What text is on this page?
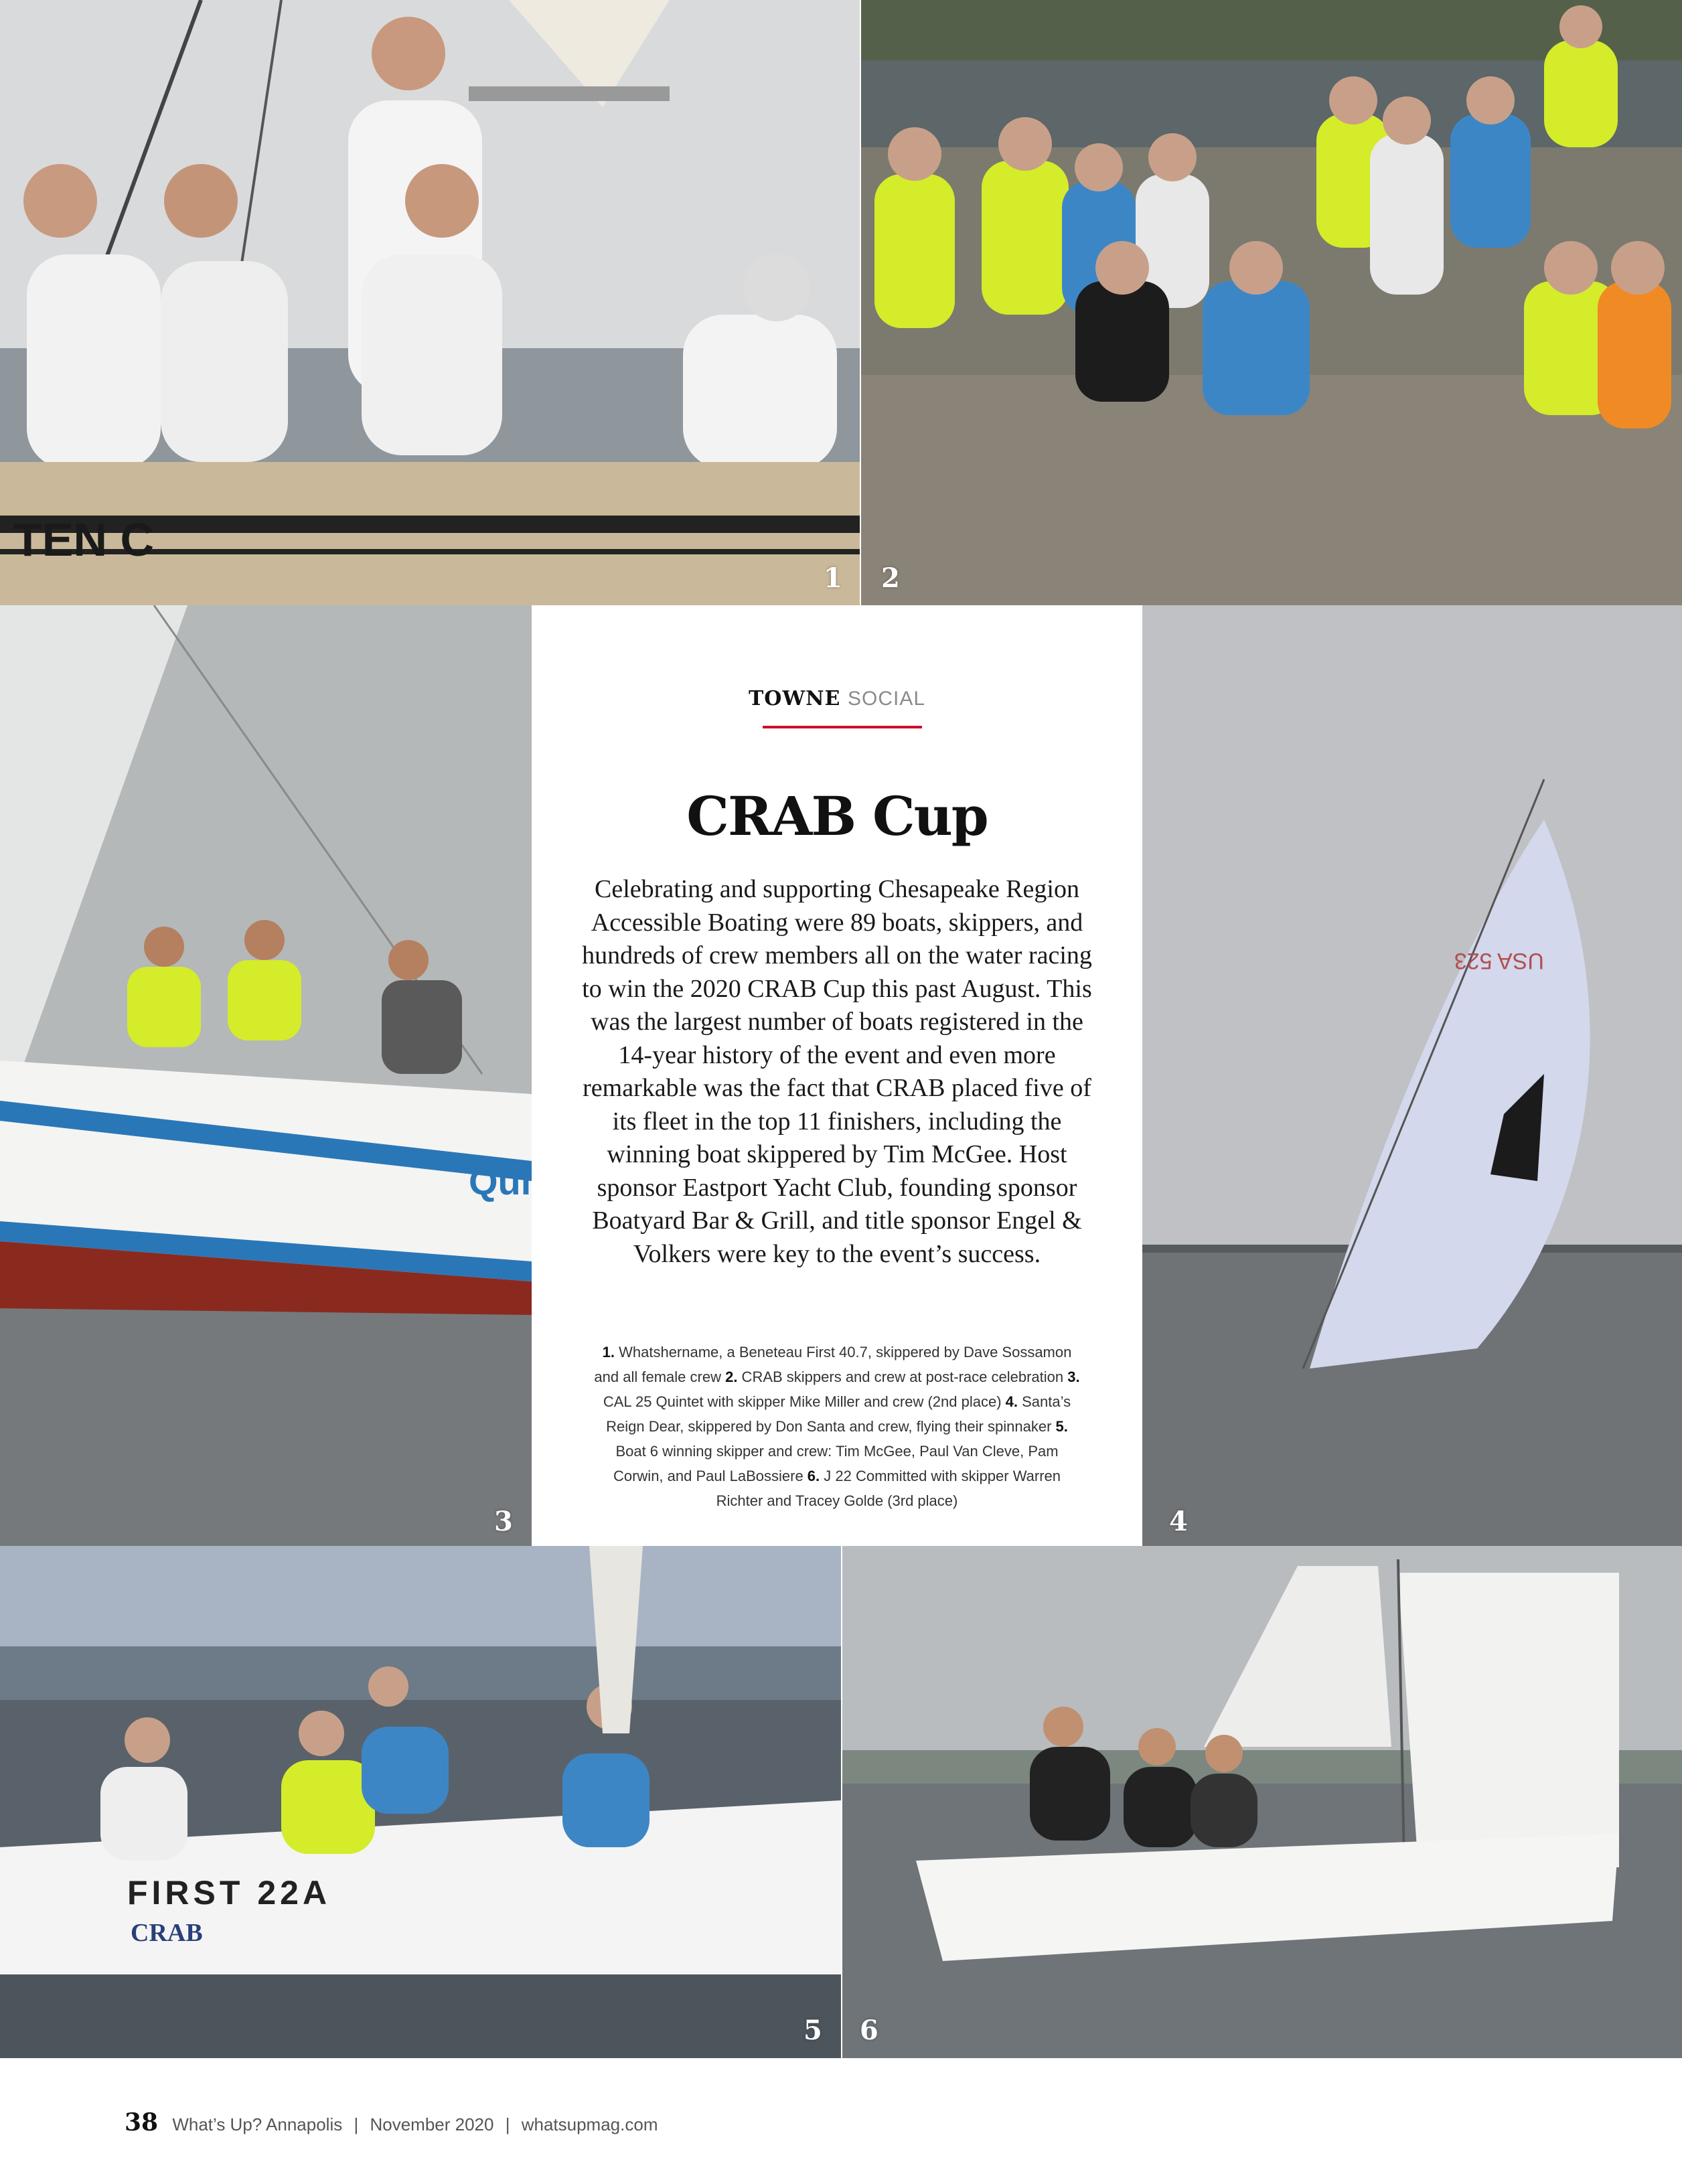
TEN C
1 2
Qui
3
USA 523
4
FIRST 22A
CRAB
5 6
TOWNE SOCIAL
CRAB Cup

Celebrating and supporting Chesapeake Region Accessible Boating were 89 boats, skippers, and hundreds of crew members all on the water racing to win the 2020 CRAB Cup this past August. This was the largest number of boats registered in the 14-year history of the event and even more remarkable was the fact that CRAB placed five of its fleet in the top 11 finishers, including the winning boat skippered by Tim McGee. Host sponsor Eastport Yacht Club, founding sponsor Boatyard Bar & Grill, and title sponsor Engel & Volkers were key to the event’s success.

1. Whatshername, a Beneteau First 40.7, skippered by Dave Sossamon and all female crew 2. CRAB skippers and crew at post-race celebration 3. CAL 25 Quintet with skipper Mike Miller and crew (2nd place) 4. Santa’s Reign Dear, skippered by Don Santa and crew, flying their spinnaker 5. Boat 6 winning skipper and crew: Tim McGee, Paul Van Cleve, Pam Corwin, and Paul LaBossiere 6. J 22 Committed with skipper Warren Richter and Tracey Golde (3rd place)

38 What’s Up? Annapolis | November 2020 | whatsupmag.com
